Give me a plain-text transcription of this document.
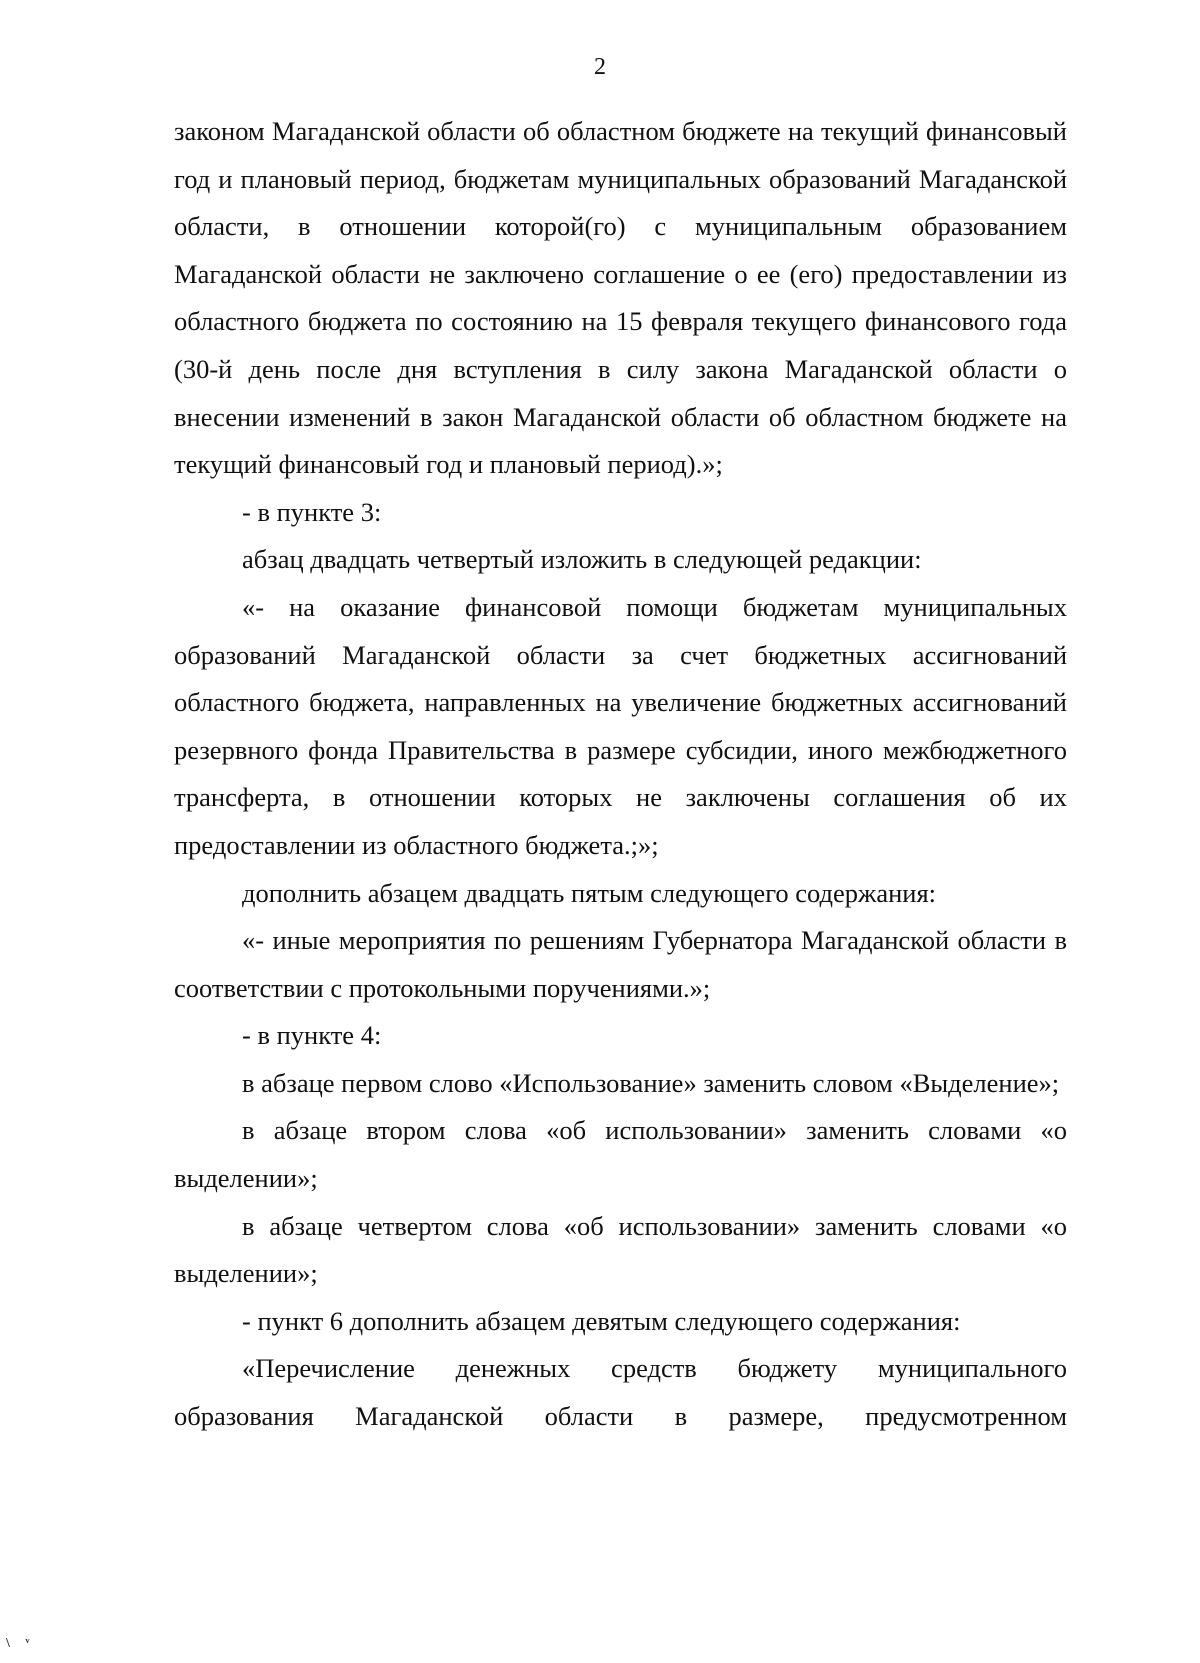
2

законом Магаданской области об областном бюджете на текущий финансовый год и плановый период, бюджетам муниципальных образований Магаданской области, в отношении которой(го) с муниципальным образованием Магаданской области не заключено соглашение о ее (его) предоставлении из областного бюджета по состоянию на 15 февраля текущего финансового года (30-й день после дня вступления в силу закона Магаданской области о внесении изменений в закон Магаданской области об областном бюджете на текущий финансовый год и плановый период).»;

- в пункте 3:

абзац двадцать четвертый изложить в следующей редакции:

«- на оказание финансовой помощи бюджетам муниципальных образований Магаданской области за счет бюджетных ассигнований областного бюджета, направленных на увеличение бюджетных ассигнований резервного фонда Правительства в размере субсидии, иного межбюджетного трансферта, в отношении которых не заключены соглашения об их предоставлении из областного бюджета.;»;

дополнить абзацем двадцать пятым следующего содержания:

«- иные мероприятия по решениям Губернатора Магаданской области в соответствии с протокольными поручениями.»;

- в пункте 4:

в абзаце первом слово «Использование» заменить словом «Выделение»;

в абзаце втором слова «об использовании» заменить словами «о выделении»;

в абзаце четвертом слова «об использовании» заменить словами «о выделении»;

- пункт 6 дополнить абзацем девятым следующего содержания:

«Перечисление денежных средств бюджету муниципального образования Магаданской области в размере, предусмотренном

\ ᵛ
